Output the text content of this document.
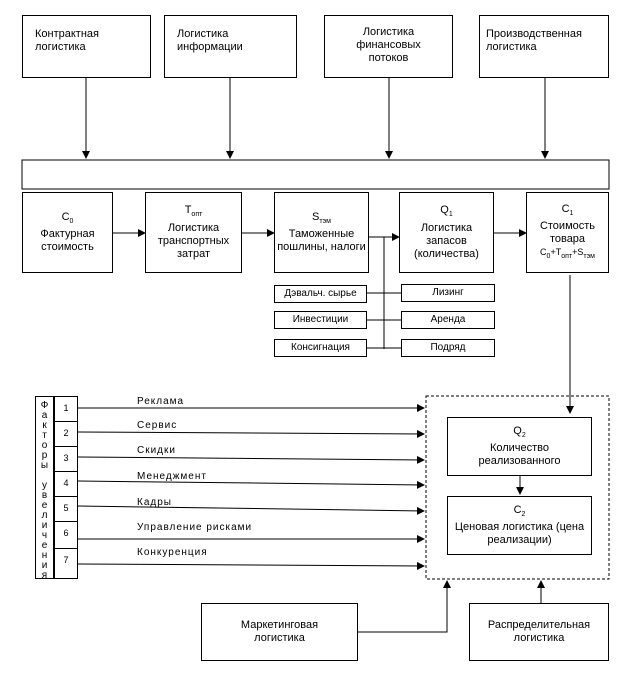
Контрактная логистика
Логистика информации
Логистика финансовых потоков
Производственная логистика
$C_0$
Фактурная стоимость
$T_{опт}$
Логистика транспортных затрат
$S_{тэм}$
Таможенные пошлины, налоги
$Q_1$
Логистика запасов (количества)
$C_1$
Стоимость товара
$C_0+T_{опт}+S_{тэм}$
Дэвальч. сырье
Инвестиции
Консигнация
Лизинг
Аренда
Подряд
Ф
а
к
т
о
р
ы

у
в
е
л
и
ч
е
н
и
я
1
Реклама
2
Сервис
3
Скидки
4
Менеджмент
5	Кадры
6	Управление рисками
7
Конкуренция
$Q_2$
Количество реализованного
$C_2$
Ценовая логистика (цена реализации)
Маркетинговая логистика
Распределительная логистика
